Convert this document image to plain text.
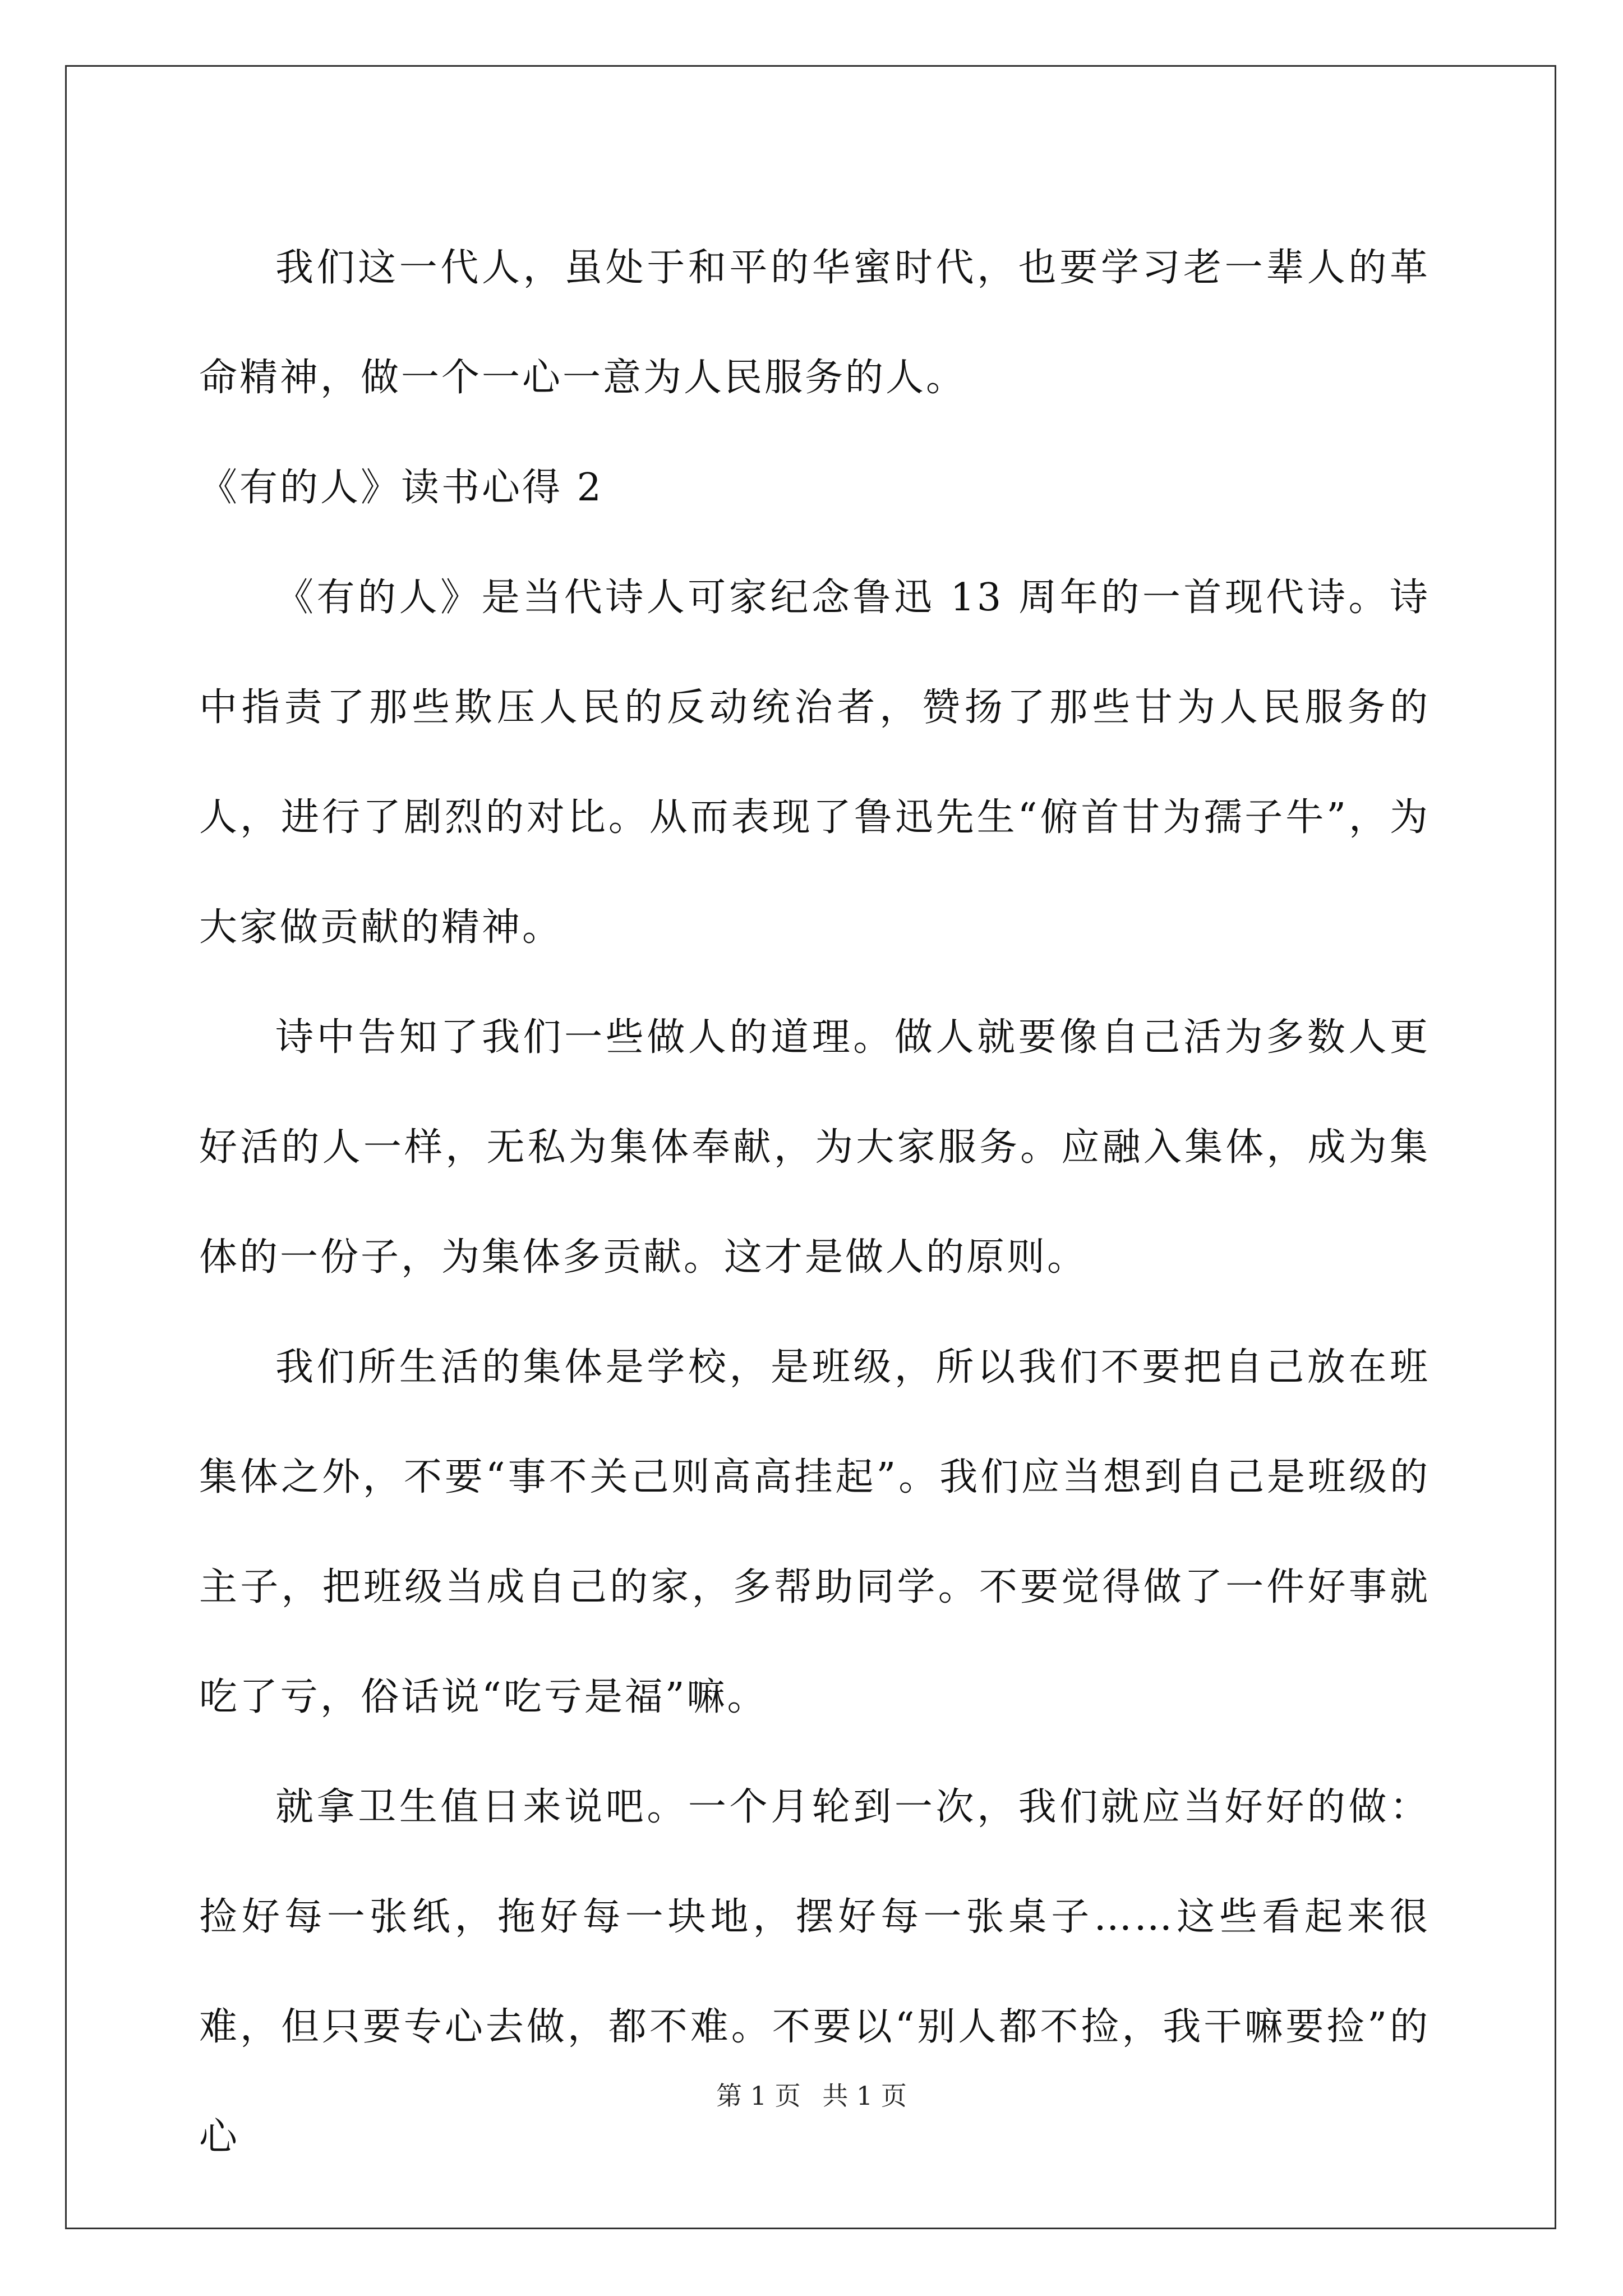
我们这一代人，虽处于和平的华蜜时代，也要学习老一辈人的革命精神，做一个一心一意为人民服务的人。

《有的人》读书心得 2

《有的人》是当代诗人可家纪念鲁迅 13 周年的一首现代诗。诗中指责了那些欺压人民的反动统治者，赞扬了那些甘为人民服务的人，进行了剧烈的对比。从而表现了鲁迅先生“俯首甘为孺子牛”，为大家做贡献的精神。

诗中告知了我们一些做人的道理。做人就要像自己活为多数人更好活的人一样，无私为集体奉献，为大家服务。应融入集体，成为集体的一份子，为集体多贡献。这才是做人的原则。

我们所生活的集体是学校，是班级，所以我们不要把自己放在班集体之外，不要“事不关己则高高挂起”。我们应当想到自己是班级的主子，把班级当成自己的家，多帮助同学。不要觉得做了一件好事就吃了亏，俗话说“吃亏是福”嘛。

就拿卫生值日来说吧。一个月轮到一次，我们就应当好好的做：捡好每一张纸，拖好每一块地，摆好每一张桌子……这些看起来很难，但只要专心去做，都不难。不要以“别人都不捡，我干嘛要捡”的心

第 1 页 共 1 页
